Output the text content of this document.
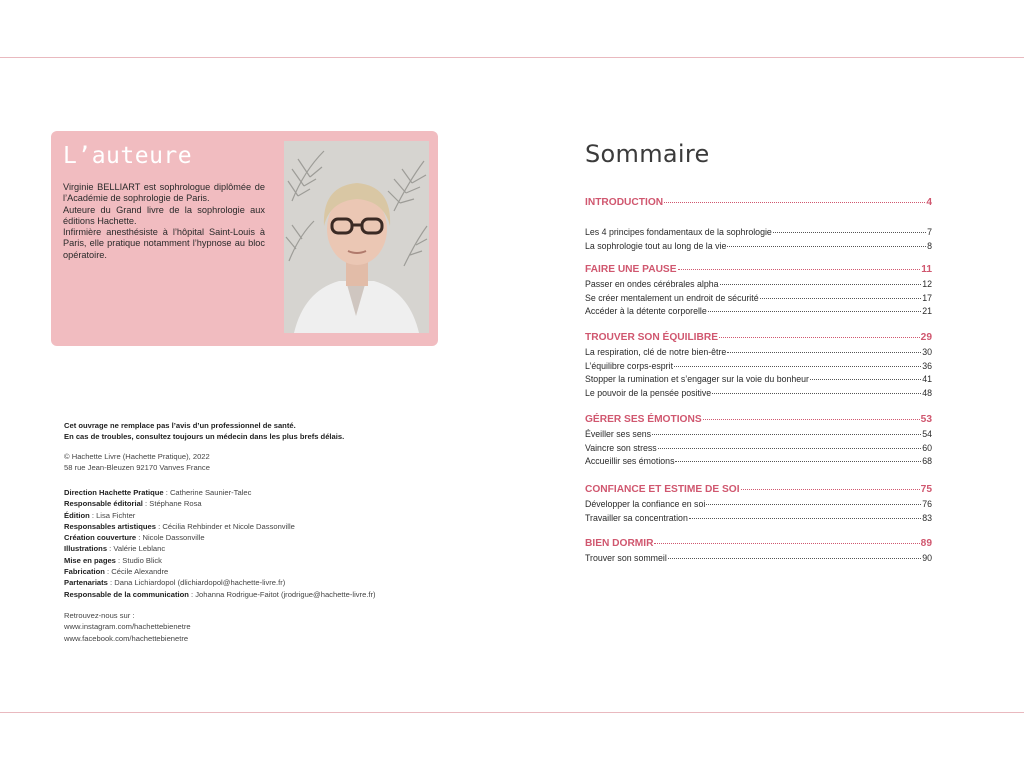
L’auteure

Virginie BELLIART est sophrologue diplômée de l’Académie de sophrologie de Paris.

Auteure du Grand livre de la sophrologie aux éditions Hachette.

Infirmière anesthésiste à l’hôpital Saint-Louis à Paris, elle pratique notamment l’hypnose au bloc opératoire.

Cet ouvrage ne remplace pas l’avis d’un professionnel de santé.
En cas de troubles, consultez toujours un médecin dans les plus brefs délais.
© Hachette Livre (Hachette Pratique), 2022
58 rue Jean-Bleuzen 92170 Vanves France
Direction Hachette Pratique : Catherine Saunier-Talec
Responsable éditorial : Stéphane Rosa
Édition : Lisa Fichter
Responsables artistiques : Cécilia Rehbinder et Nicole Dassonville
Création couverture : Nicole Dassonville
Illustrations : Valérie Leblanc
Mise en pages : Studio Blick
Fabrication : Cécile Alexandre
Partenariats : Dana Lichiardopol (dlichiardopol@hachette-livre.fr)
Responsable de la communication : Johanna Rodrigue-Faitot (jrodrigue@hachette-livre.fr)
Retrouvez-nous sur :
www.instagram.com/hachettebienetre
www.facebook.com/hachettebienetre
Sommaire
INTRODUCTION	4
Les 4 principes fondamentaux de la sophrologie	7
La sophrologie tout au long de la vie	8
FAIRE UNE PAUSE	11
Passer en ondes cérébrales alpha	12
Se créer mentalement un endroit de sécurité	17
Accéder à la détente corporelle	21
TROUVER SON ÉQUILIBRE	29
La respiration, clé de notre bien-être	30
L’équilibre corps-esprit	36
Stopper la rumination et s’engager sur la voie du bonheur	41
Le pouvoir de la pensée positive	48
GÉRER SES ÉMOTIONS	53
Éveiller ses sens	54
Vaincre son stress	60
Accueillir ses émotions	68
CONFIANCE ET ESTIME DE SOI	75
Développer la confiance en soi	76
Travailler sa concentration	83
BIEN DORMIR	89
Trouver son sommeil	90
